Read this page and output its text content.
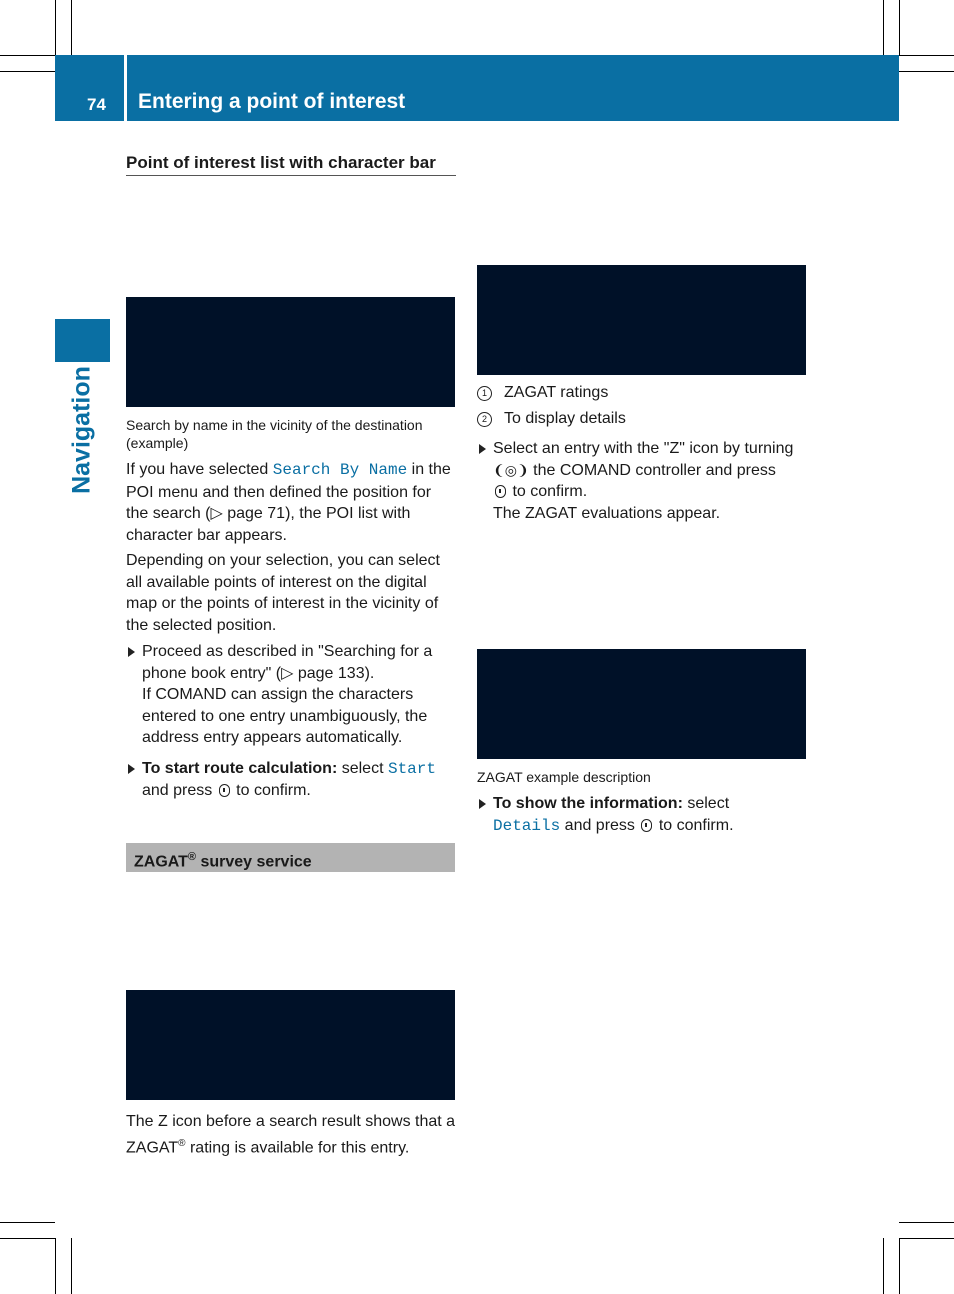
74 Entering a point of interest
Navigation
Point of interest list with character bar
Search by name in the vicinity of the destination (example)

If you have selected Search By Name in the POI menu and then defined the position for the search (▷ page 71), the POI list with character bar appears.

Depending on your selection, you can select all available points of interest on the digital map or the points of interest in the vicinity of the selected position.

Proceed as described in "Searching for a phone book entry" (▷ page 133).
If COMAND can assign the characters entered to one entry unambiguously, the address entry appears automatically.
To start route calculation: select Start
and press to confirm.
ZAGAT® survey service

The Z icon before a search result shows that a ZAGAT® rating is available for this entry.

1	ZAGAT ratings
2	To display details
Select an entry with the "Z" icon by turning
❨◎❩ the COMAND controller and press
to confirm.
The ZAGAT evaluations appear.
ZAGAT example description
To show the information: select
Details and press  to confirm.
